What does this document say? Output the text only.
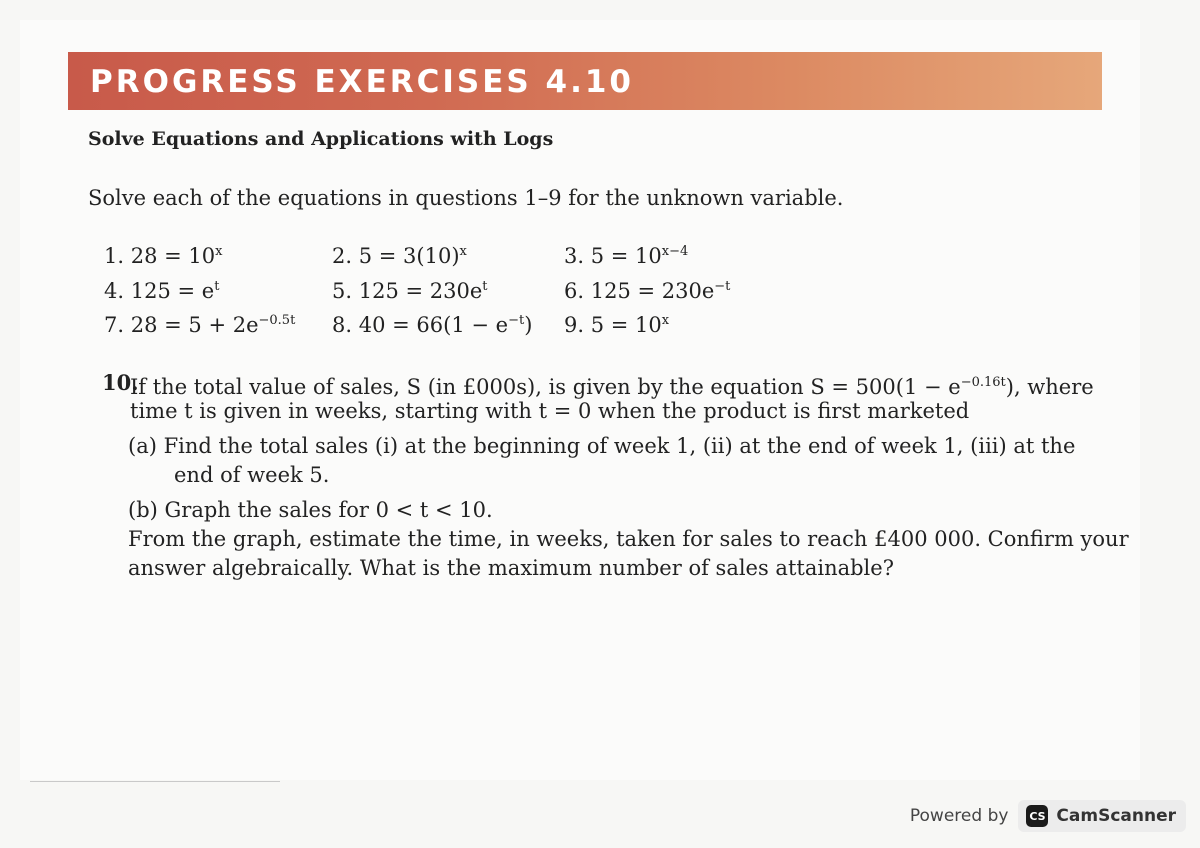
PROGRESS EXERCISES 4.10
Solve Equations and Applications with Logs
Solve each of the equations in questions 1–9 for the unknown variable.
1. $28 = 10^x$	2. $5 = 3(10)^x$	3. $5 = 10^{x-4}$
4. $125 = e^t$	5. $125 = 230e^t$	6. $125 = 230e^{-t}$
7. $28 = 5 + 2e^{-0.5t}$ 8. $40 = 66(1 - e^{-t})$ 9. $5 = 10^x$
10.
If the total value of sales, S (in £000s), is given by the equation $S = 500(1 - e^{-0.16t})$, where
time t is given in weeks, starting with t = 0 when the product is first marketed
(a) Find the total sales (i) at the beginning of week 1, (ii) at the end of week 1, (iii) at the
end of week 5.
(b) Graph the sales for 0 < t < 10.
From the graph, estimate the time, in weeks, taken for sales to reach £400 000. Confirm your
answer algebraically. What is the maximum number of sales attainable?
Powered by CS CamScanner
